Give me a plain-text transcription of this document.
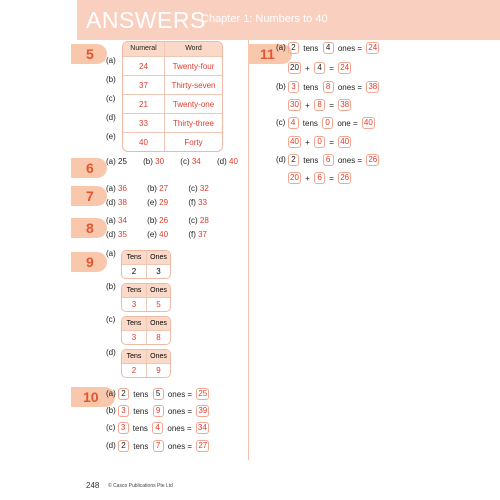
ANSWERS
Chapter 1: Numbers to 40
5	(a)
(b)
(c)
(d)
(e)
Numeral	Word
24	Twenty-four
37	Thirty-seven
21	Twenty-one
33	Thirty-three
40	Forty
6	(a) 25 (b) 30 (c) 34 (d) 40
7	(a) 36	(b) 27	(c) 32
(d) 38	(e) 29	(f) 33
8	(a) 34	(b) 26	(c) 28
(d) 35	(e) 40	(f) 37
9
(a)	Tens	Ones
2	3
(b)	Tens	Ones
3	5
(c)	Tens	Ones
3	8
(d)	Tens	Ones
2	9
10 (a) 2 tens 5 ones = 25
(b) 3 tens 9 ones = 39
(c) 3 tens 4 ones = 34
(d) 2 tens 7 ones = 27
11 (a) 2 tens 4 ones = 24
20 + 4 = 24
(b) 3 tens 8 ones = 38
30 + 8 = 38
(c) 4 tens 0 one = 40
40 + 0 = 40
(d) 2 tens 6 ones = 26
20 + 6 = 26
248 © Casco Publications Pte Ltd
